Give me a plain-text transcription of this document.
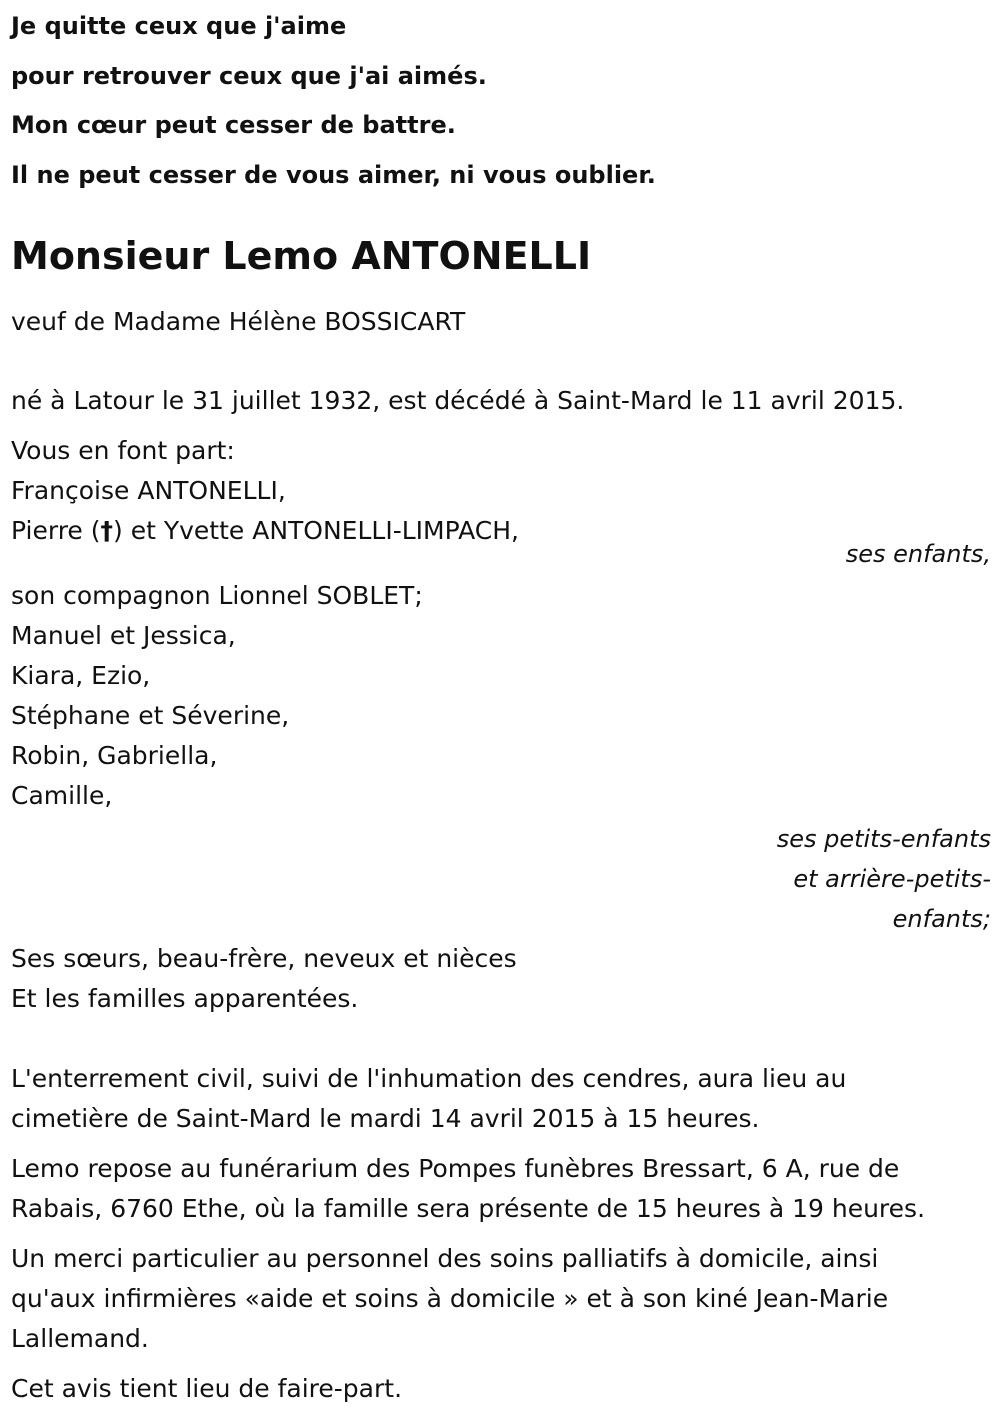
Je quitte ceux que j'aime
pour retrouver ceux que j'ai aimés.
Mon cœur peut cesser de battre.
Il ne peut cesser de vous aimer, ni vous oublier.
Monsieur Lemo ANTONELLI
veuf de Madame Hélène BOSSICART
né à Latour le 31 juillet 1932, est décédé à Saint-Mard le 11 avril 2015.
Vous en font part:
Françoise ANTONELLI,
Pierre (†) et Yvette ANTONELLI-LIMPACH,
ses enfants,
son compagnon Lionnel SOBLET;
Manuel et Jessica,
Kiara, Ezio,
Stéphane et Séverine,
Robin, Gabriella,
Camille,
ses petits-enfants
et arrière-petits-
enfants;
Ses sœurs, beau-frère, neveux et nièces
Et les familles apparentées.
L'enterrement civil, suivi de l'inhumation des cendres, aura lieu au
cimetière de Saint-Mard le mardi 14 avril 2015 à 15 heures.
Lemo repose au funérarium des Pompes funèbres Bressart, 6 A, rue de
Rabais, 6760 Ethe, où la famille sera présente de 15 heures à 19 heures.
Un merci particulier au personnel des soins palliatifs à domicile, ainsi
qu'aux infirmières «aide et soins à domicile » et à son kiné Jean-Marie
Lallemand.
Cet avis tient lieu de faire-part.
